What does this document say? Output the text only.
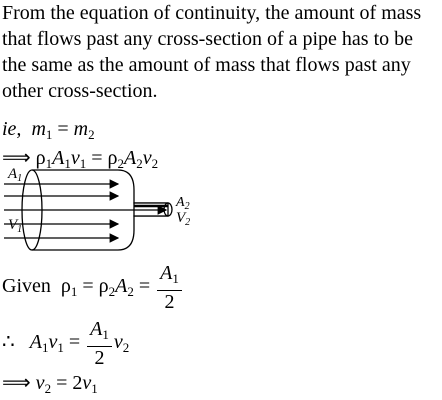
From the equation of continuity, the amount of mass that flows past any cross-section of a pipe has to be the same as the amount of mass that flows past any other cross-section.
ie, $m_1 = m_2$
⟹ $\rho_1A_1v_1 = \rho_2A_2v_2$
$A_1$
$V_1$
$A_2$
$V_2$
Given $\rho_1 = \rho_2A_2 = \frac{A_1}{2}$
∴ $A_1v_1 = \frac{A_1}{2} v_2$
⟹ $v_2 = 2v_1$
